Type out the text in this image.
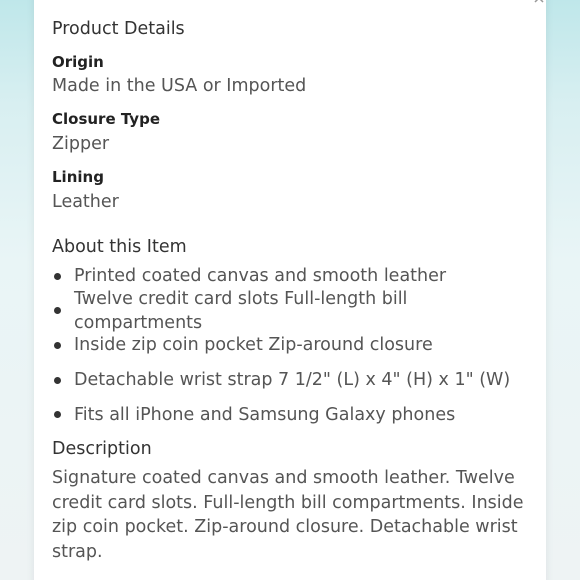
Product Details
Origin
Made in the USA or Imported
Closure Type
Zipper
Lining
Leather
About this Item
Printed coated canvas and smooth leather
Twelve credit card slots Full-length bill compartments
Inside zip coin pocket Zip-around closure
Detachable wrist strap 7 1/2" (L) x 4" (H) x 1" (W)
Fits all iPhone and Samsung Galaxy phones
Description

Signature coated canvas and smooth leather. Twelve

credit card slots. Full-length bill compartments. Inside

zip coin pocket. Zip-around closure. Detachable wrist

strap.
